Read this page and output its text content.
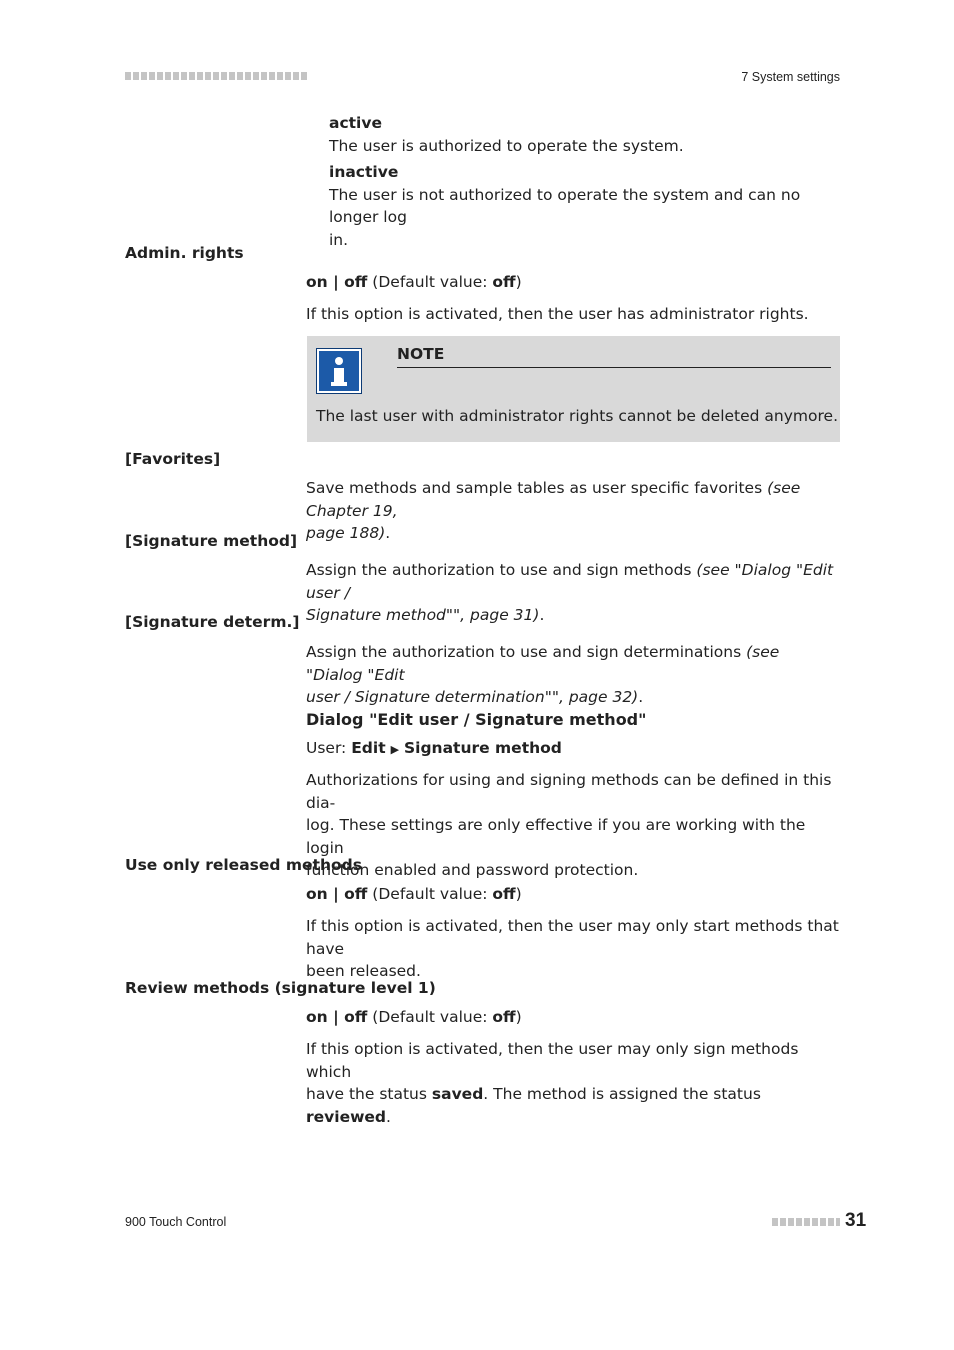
7 System settings

active

The user is authorized to operate the system.

inactive

The user is not authorized to operate the system and can no longer log

in.

Admin. rights

on | off (Default value: off)

If this option is activated, then the user has administrator rights.

NOTE
The last user with administrator rights cannot be deleted anymore.
[Favorites]

Save methods and sample tables as user specific favorites (see Chapter 19,

page 188).

[Signature method]

Assign the authorization to use and sign methods (see "Dialog "Edit user /

Signature method"", page 31).

[Signature determ.]

Assign the authorization to use and sign determinations (see "Dialog "Edit

user / Signature determination"", page 32).

Dialog "Edit user / Signature method"

User: Edit ▶ Signature method

Authorizations for using and signing methods can be defined in this dia-

log. These settings are only effective if you are working with the login

function enabled and password protection.

Use only released methods

on | off (Default value: off)

If this option is activated, then the user may only start methods that have

been released.

Review methods (signature level 1)

on | off (Default value: off)

If this option is activated, then the user may only sign methods which

have the status saved. The method is assigned the status reviewed.

900 Touch Control	31
